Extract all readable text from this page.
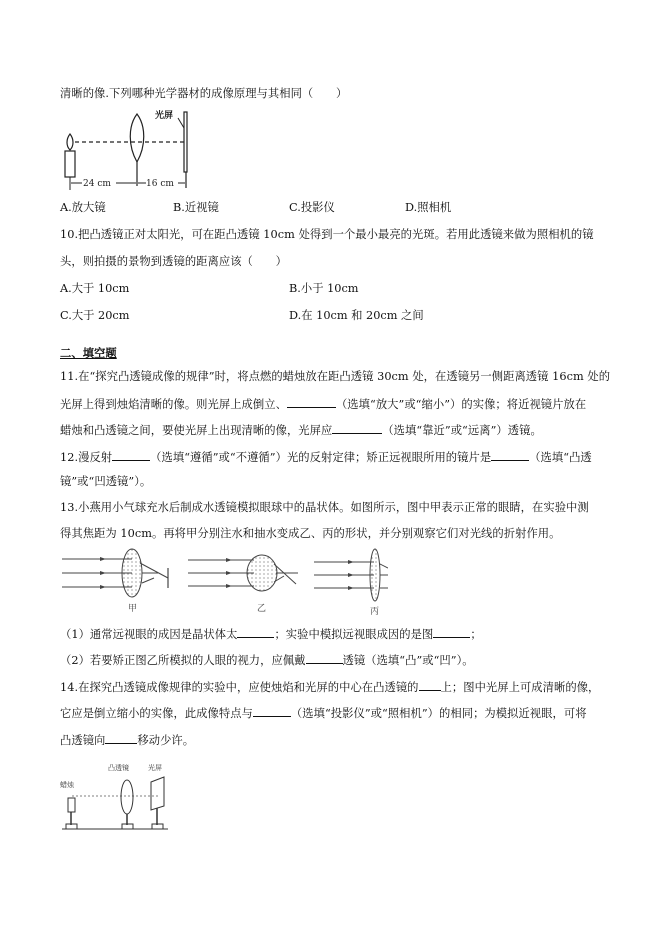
清晰的像.下列哪种光学器材的成像原理与其相同（　　）
光屏
24 cm	16 cm
A.放大镜	B.近视镜	C.投影仪	D.照相机
10.把凸透镜正对太阳光，可在距凸透镜 10cm 处得到一个最小最亮的光斑。若用此透镜来做为照相机的镜
头，则拍摄的景物到透镜的距离应该（　　）
A.大于 10cm	B.小于 10cm
C.大于 20cm	D.在 10cm 和 20cm 之间
二、填空题
11.在“探究凸透镜成像的规律”时，将点燃的蜡烛放在距凸透镜 30cm 处，在透镜另一侧距离透镜 16cm 处的
光屏上得到烛焰清晰的像。则光屏上成倒立、	（选填“放大”或“缩小”）的实像；将近视镜片放在
蜡烛和凸透镜之间，要使光屏上出现清晰的像，光屏应	（选填“靠近”或“远离”）透镜。
12.漫反射	（选填“遵循”或“不遵循”）光的反射定律；矫正远视眼所用的镜片是	（选填“凸透
镜”或“凹透镜”）。
13.小燕用小气球充水后制成水透镜模拟眼球中的晶状体。如图所示，图中甲表示正常的眼睛，在实验中测
得其焦距为 10cm。再将甲分别注水和抽水变成乙、丙的形状，并分别观察它们对光线的折射作用。
甲	乙	丙
（1）通常远视眼的成因是晶状体太	；实验中模拟远视眼成因的是图	；
（2）若要矫正图乙所模拟的人眼的视力，应佩戴	透镜（选填“凸”或“凹”）。
14.在探究凸透镜成像规律的实验中，应使烛焰和光屏的中心在凸透镜的 上；图中光屏上可成清晰的像，
它应是倒立缩小的实像，此成像特点与	（选填“投影仪”或“照相机”）的相同；为模拟近视眼，可将
凸透镜向	移动少许。
蜡烛
凸透镜	光屏
